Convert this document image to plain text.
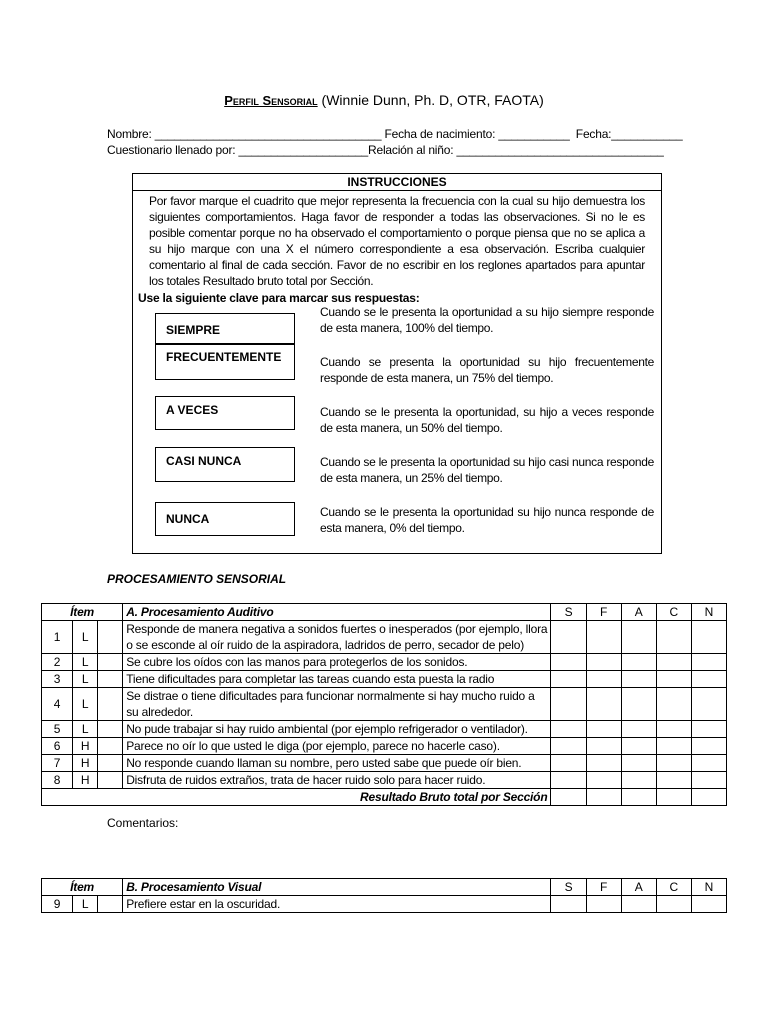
Perfil Sensorial (Winnie Dunn, Ph. D, OTR, FAOTA)
Nombre: ___________________________________ Fecha de nacimiento: ___________  Fecha:___________
Cuestionario llenado por: ____________________Relación al niño: ________________________________
INSTRUCCIONES
Por favor marque el cuadrito que mejor representa la frecuencia con la cual su hijo demuestra los siguientes comportamientos. Haga favor de responder a todas las observaciones. Si no le es posible comentar porque no ha observado el comportamiento o porque piensa que no se aplica a su hijo marque con una X el número correspondiente a esa observación. Escriba cualquier comentario al final de cada sección. Favor de no escribir en los reglones apartados para apuntar los totales Resultado bruto total por Sección.
Use la siguiente clave para marcar sus respuestas:
SIEMPRE
Cuando se le presenta la oportunidad a su hijo siempre responde de esta manera, 100% del tiempo.
FRECUENTEMENTE	Cuando se presenta la oportunidad su hijo frecuentemente responde de esta manera, un 75% del tiempo.
A VECES	Cuando se le presenta la oportunidad, su hijo a veces responde de esta manera, un 50% del tiempo.
CASI NUNCA	Cuando se le presenta la oportunidad su hijo casi nunca responde de esta manera, un 25% del tiempo.
NUNCA	Cuando se le presenta la oportunidad su hijo nunca responde de esta manera, 0% del tiempo.
PROCESAMIENTO SENSORIAL
Ítem			A. Procesamiento Auditivo	S	F	A	C	N
1	L		Responde de manera negativa a sonidos fuertes o inesperados (por ejemplo, llora o se esconde al oír ruido de la aspiradora, ladridos de perro, secador de pelo)					
2	L		Se cubre los oídos con las manos para protegerlos de los sonidos.					
3	L		Tiene dificultades para completar las tareas cuando esta puesta la radio					
4	L		Se distrae o tiene dificultades para funcionar normalmente si hay mucho ruido a su alrededor.					
5	L		No pude trabajar si hay ruido ambiental (por ejemplo refrigerador o ventilador).					
6	H		Parece no oír lo que usted le diga (por ejemplo, parece no hacerle caso).					
7	H		No responde cuando llaman su nombre, pero usted sabe que puede oír bien.					
8	H		Disfruta de ruidos extraños, trata de hacer ruido solo para hacer ruido.					
Resultado Bruto total por Sección								
Comentarios:
Ítem			B. Procesamiento Visual	S	F	A	C	N
9	L		Prefiere estar en la oscuridad.					
